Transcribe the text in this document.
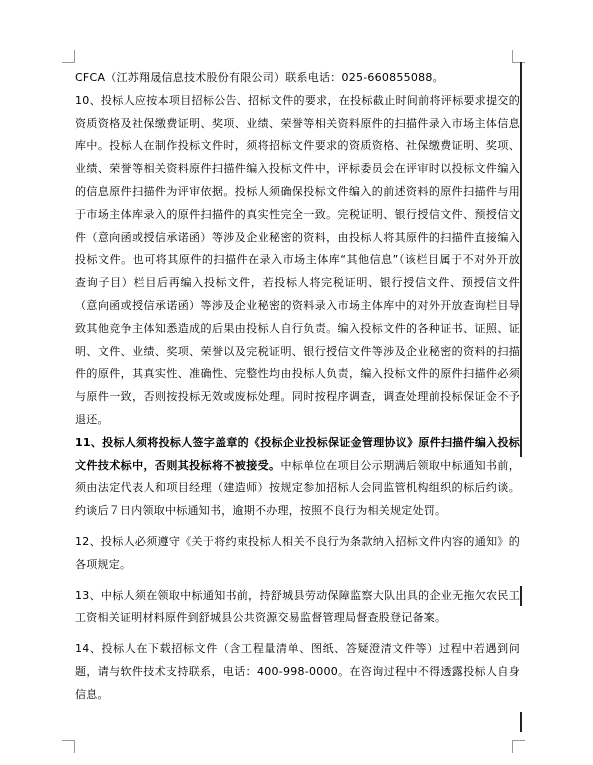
CFCA（江苏翔晟信息技术股份有限公司）联系电话：025-660855088。

10、投标人应按本项目招标公告、招标文件的要求，在投标截止时间前将评标要求提交的资质资格及社保缴费证明、奖项、业绩、荣誉等相关资料原件的扫描件录入市场主体信息库中。投标人在制作投标文件时，须将招标文件要求的资质资格、社保缴费证明、奖项、业绩、荣誉等相关资料原件扫描件编入投标文件中，评标委员会在评审时以投标文件编入的信息原件扫描件为评审依据。投标人须确保投标文件编入的前述资料的原件扫描件与用于市场主体库录入的原件扫描件的真实性完全一致。完税证明、银行授信文件、预授信文件（意向函或授信承诺函）等涉及企业秘密的资料，由投标人将其原件的扫描件直接编入投标文件。也可将其原件的扫描件在录入市场主体库“其他信息”（该栏目属于不对外开放查询子目）栏目后再编入投标文件，若投标人将完税证明、银行授信文件、预授信文件（意向函或授信承诺函）等涉及企业秘密的资料录入市场主体库中的对外开放查询栏目导致其他竞争主体知悉造成的后果由投标人自行负责。编入投标文件的各种证书、证照、证明、文件、业绩、奖项、荣誉以及完税证明、银行授信文件等涉及企业秘密的资料的扫描件的原件，其真实性、准确性、完整性均由投标人负责，编入投标文件的原件扫描件必须与原件一致，否则按投标无效或废标处理。同时按程序调查，调查处理前投标保证金不予退还。

11、投标人须将投标人签字盖章的《投标企业投标保证金管理协议》原件扫描件编入投标文件技术标中，否则其投标将不被接受。中标单位在项目公示期满后领取中标通知书前，须由法定代表人和项目经理（建造师）按规定参加招标人会同监管机构组织的标后约谈。约谈后７日内领取中标通知书，逾期不办理，按照不良行为相关规定处罚。

12、投标人必须遵守《关于将约束投标人相关不良行为条款纳入招标文件内容的通知》的各项规定。

13、中标人须在领取中标通知书前，持舒城县劳动保障监察大队出具的企业无拖欠农民工工资相关证明材料原件到舒城县公共资源交易监督管理局督查股登记备案。

14、投标人在下载招标文件（含工程量清单、图纸、答疑澄清文件等）过程中若遇到问题，请与软件技术支持联系，电话：400-998-0000。在咨询过程中不得透露投标人自身信息。
